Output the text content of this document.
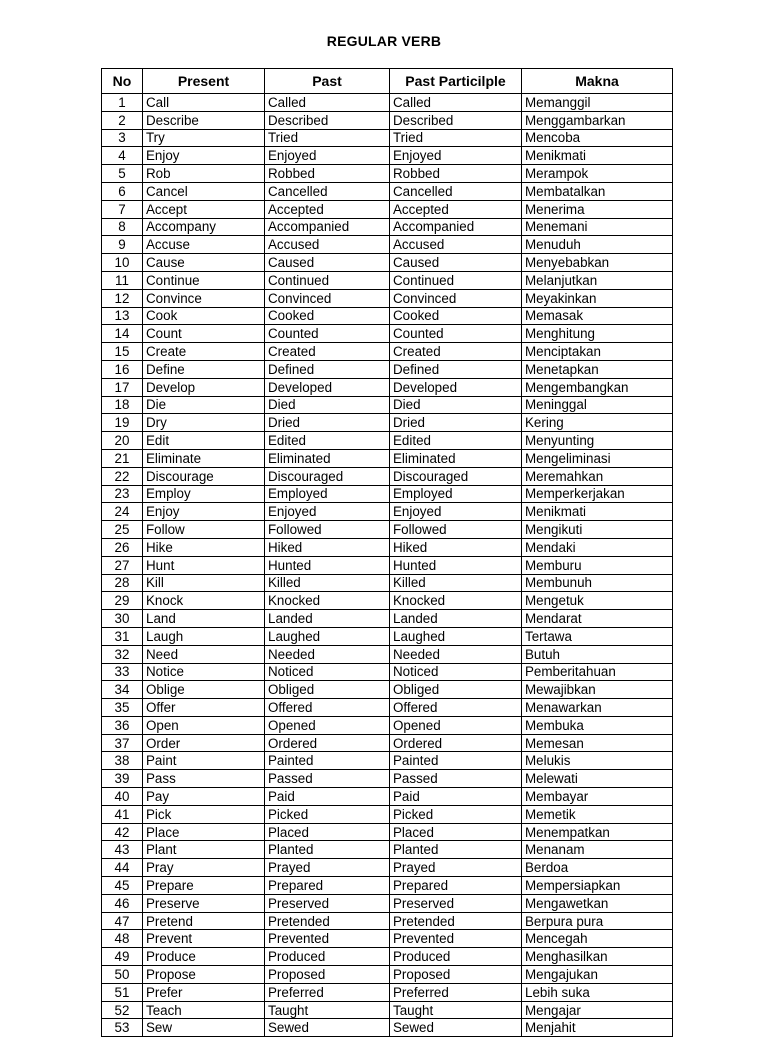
REGULAR VERB
No	Present	Past	Past Particilple	Makna
1	Call	Called	Called	Memanggil
2	Describe	Described	Described	Menggambarkan
3	Try	Tried	Tried	Mencoba
4	Enjoy	Enjoyed	Enjoyed	Menikmati
5	Rob	Robbed	Robbed	Merampok
6	Cancel	Cancelled	Cancelled	Membatalkan
7	Accept	Accepted	Accepted	Menerima
8	Accompany	Accompanied	Accompanied	Menemani
9	Accuse	Accused	Accused	Menuduh
10	Cause	Caused	Caused	Menyebabkan
11	Continue	Continued	Continued	Melanjutkan
12	Convince	Convinced	Convinced	Meyakinkan
13	Cook	Cooked	Cooked	Memasak
14	Count	Counted	Counted	Menghitung
15	Create	Created	Created	Menciptakan
16	Define	Defined	Defined	Menetapkan
17	Develop	Developed	Developed	Mengembangkan
18	Die	Died	Died	Meninggal
19	Dry	Dried	Dried	Kering
20	Edit	Edited	Edited	Menyunting
21	Eliminate	Eliminated	Eliminated	Mengeliminasi
22	Discourage	Discouraged	Discouraged	Meremahkan
23	Employ	Employed	Employed	Memperkerjakan
24	Enjoy	Enjoyed	Enjoyed	Menikmati
25	Follow	Followed	Followed	Mengikuti
26	Hike	Hiked	Hiked	Mendaki
27	Hunt	Hunted	Hunted	Memburu
28	Kill	Killed	Killed	Membunuh
29	Knock	Knocked	Knocked	Mengetuk
30	Land	Landed	Landed	Mendarat
31	Laugh	Laughed	Laughed	Tertawa
32	Need	Needed	Needed	Butuh
33	Notice	Noticed	Noticed	Pemberitahuan
34	Oblige	Obliged	Obliged	Mewajibkan
35	Offer	Offered	Offered	Menawarkan
36	Open	Opened	Opened	Membuka
37	Order	Ordered	Ordered	Memesan
38	Paint	Painted	Painted	Melukis
39	Pass	Passed	Passed	Melewati
40	Pay	Paid	Paid	Membayar
41	Pick	Picked	Picked	Memetik
42	Place	Placed	Placed	Menempatkan
43	Plant	Planted	Planted	Menanam
44	Pray	Prayed	Prayed	Berdoa
45	Prepare	Prepared	Prepared	Mempersiapkan
46	Preserve	Preserved	Preserved	Mengawetkan
47	Pretend	Pretended	Pretended	Berpura pura
48	Prevent	Prevented	Prevented	Mencegah
49	Produce	Produced	Produced	Menghasilkan
50	Propose	Proposed	Proposed	Mengajukan
51	Prefer	Preferred	Preferred	Lebih suka
52	Teach	Taught	Taught	Mengajar
53	Sew	Sewed	Sewed	Menjahit
